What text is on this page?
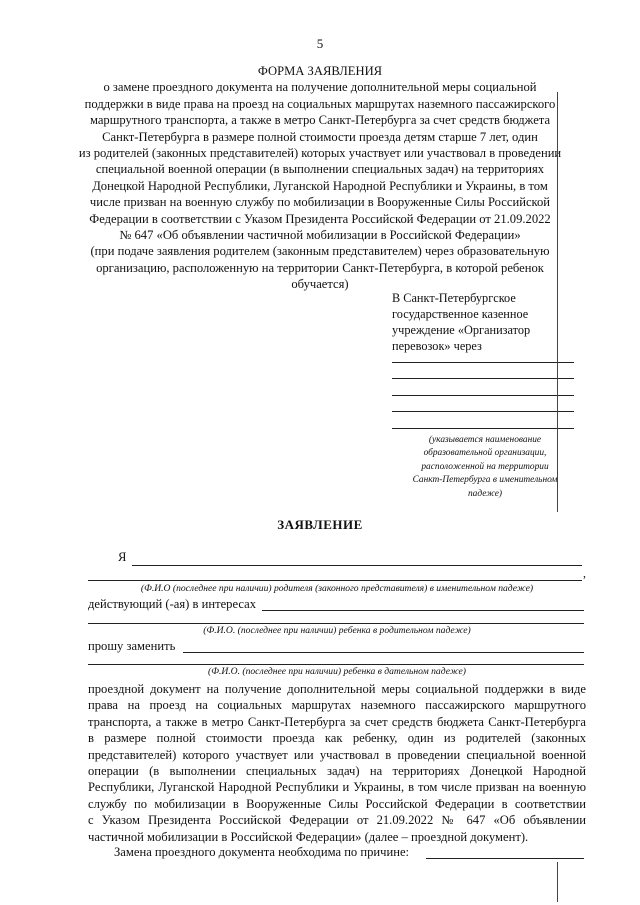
5
ФОРМА ЗАЯВЛЕНИЯ
о замене проездного документа на получение дополнительной меры социальной
поддержки в виде права на проезд на социальных маршрутах наземного пассажирского
маршрутного транспорта, а также в метро Санкт-Петербурга за счет средств бюджета
Санкт-Петербурга в размере полной стоимости проезда детям старше 7 лет, один
из родителей (законных представителей) которых участвует или участвовал в проведении
специальной военной операции (в выполнении специальных задач) на территориях
Донецкой Народной Республики, Луганской Народной Республики и Украины, в том
числе призван на военную службу по мобилизации в Вооруженные Силы Российской
Федерации в соответствии с Указом Президента Российской Федерации от 21.09.2022
№ 647 «Об объявлении частичной мобилизации в Российской Федерации»
(при подаче заявления родителем (законным представителем) через образовательную
организацию, расположенную на территории Санкт-Петербурга, в которой ребенок
обучается)
В Санкт-Петербургское
государственное казенное
учреждение «Организатор
перевозок» через
(указывается наименование
образовательной организации,
расположенной на территории
Санкт-Петербурга в именительном
падеже)
ЗАЯВЛЕНИЕ
Я
,
(Ф.И.О (последнее при наличии) родителя (законного представителя) в именительном падеже)
действующий (-ая) в интересах
(Ф.И.О. (последнее при наличии) ребенка в родительном падеже)
прошу заменить
(Ф.И.О. (последнее при наличии) ребенка в дательном падеже)
проездной документ на получение дополнительной меры социальной поддержки в виде
права на проезд на социальных маршрутах наземного пассажирского маршрутного
транспорта, а также в метро Санкт-Петербурга за счет средств бюджета Санкт-Петербурга
в размере полной стоимости проезда как ребенку, один из родителей (законных
представителей) которого участвует или участвовал в проведении специальной военной
операции (в выполнении специальных задач) на территориях Донецкой Народной
Республики, Луганской Народной Республики и Украины, в том числе призван на военную
службу по мобилизации в Вооруженные Силы Российской Федерации в соответствии
с Указом Президента Российской Федерации от 21.09.2022 № 647 «Об объявлении
частичной мобилизации в Российской Федерации» (далее – проездной документ).
Замена проездного документа необходима по причине:
